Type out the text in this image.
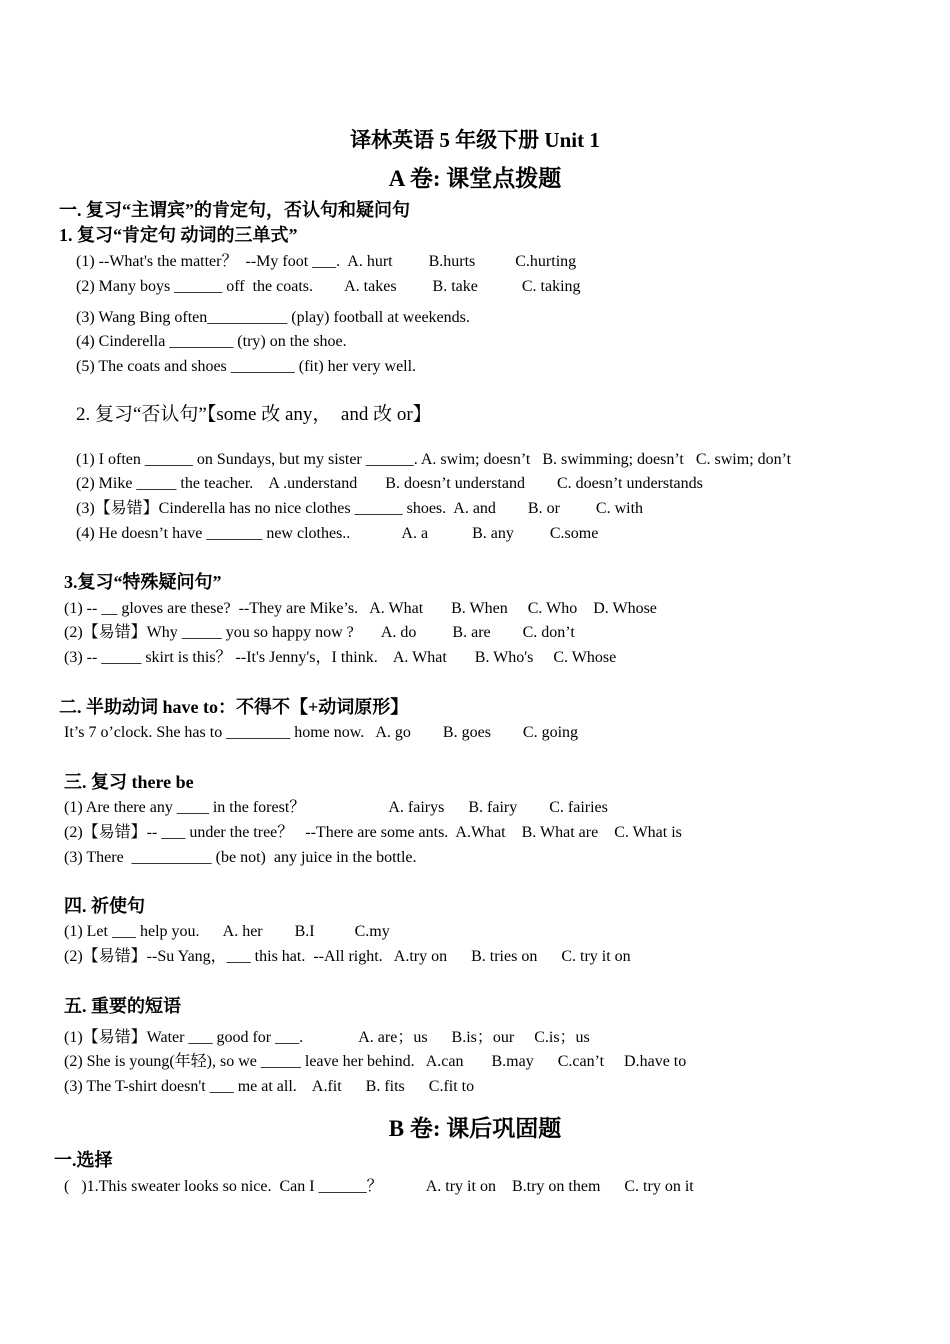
译林英语 5 年级下册 Unit 1
A 卷: 课堂点拨题
一. 复习“主谓宾”的肯定句，否认句和疑问句
1. 复习“肯定句 动词的三单式”
(1) --What's the matter？  --My foot ___.  A. hurt         B.hurts          C.hurting
(2) Many boys ______ off  the coats.        A. takes         B. take           C. taking
(3) Wang Bing often__________ (play) football at weekends.
(4) Cinderella ________ (try) on the shoe.
(5) The coats and shoes ________ (fit) her very well.
2. 复习“否认句”【some 改 any，  and 改 or】
(1) I often ______ on Sundays, but my sister ______. A. swim; doesn’t   B. swimming; doesn’t   C. swim; don’t
(2) Mike _____ the teacher.    A .understand       B. doesn’t understand        C. doesn’t understands
(3)【易错】Cinderella has no nice clothes ______ shoes.  A. and        B. or         C. with
(4) He doesn’t have _______ new clothes..             A. a           B. any         C.some
3.复习“特殊疑问句”
(1) -- __ gloves are these?  --They are Mike’s.   A. What       B. When     C. Who    D. Whose
(2)【易错】Why _____ you so happy now ?       A. do         B. are        C. don’t
(3) -- _____ skirt is this？ --It's Jenny's，I think.    A. What       B. Who's     C. Whose
二. 半助动词 have to：不得不【+动词原形】
It’s 7 o’clock. She has to ________ home now.   A. go        B. goes        C. going
三. 复习 there be
(1) Are there any ____ in the forest？                     A. fairys      B. fairy        C. fairies
(2)【易错】-- ___ under the tree？   --There are some ants.  A.What    B. What are    C. What is
(3) There  __________ (be not)  any juice in the bottle.
四. 祈使句
(1) Let ___ help you.      A. her        B.I          C.my
(2)【易错】--Su Yang，___ this hat.  --All right.   A.try on      B. tries on      C. try it on
五. 重要的短语
(1)【易错】Water ___ good for ___.              A. are；us      B.is；our     C.is；us
(2) She is young(年轻), so we _____ leave her behind.   A.can       B.may      C.can’t     D.have to
(3) The T-shirt doesn't ___ me at all.    A.fit      B. fits      C.fit to
B 卷: 课后巩固题
一.选择
(   )1.This sweater looks so nice.  Can I ______？           A. try it on    B.try on them      C. try on it
